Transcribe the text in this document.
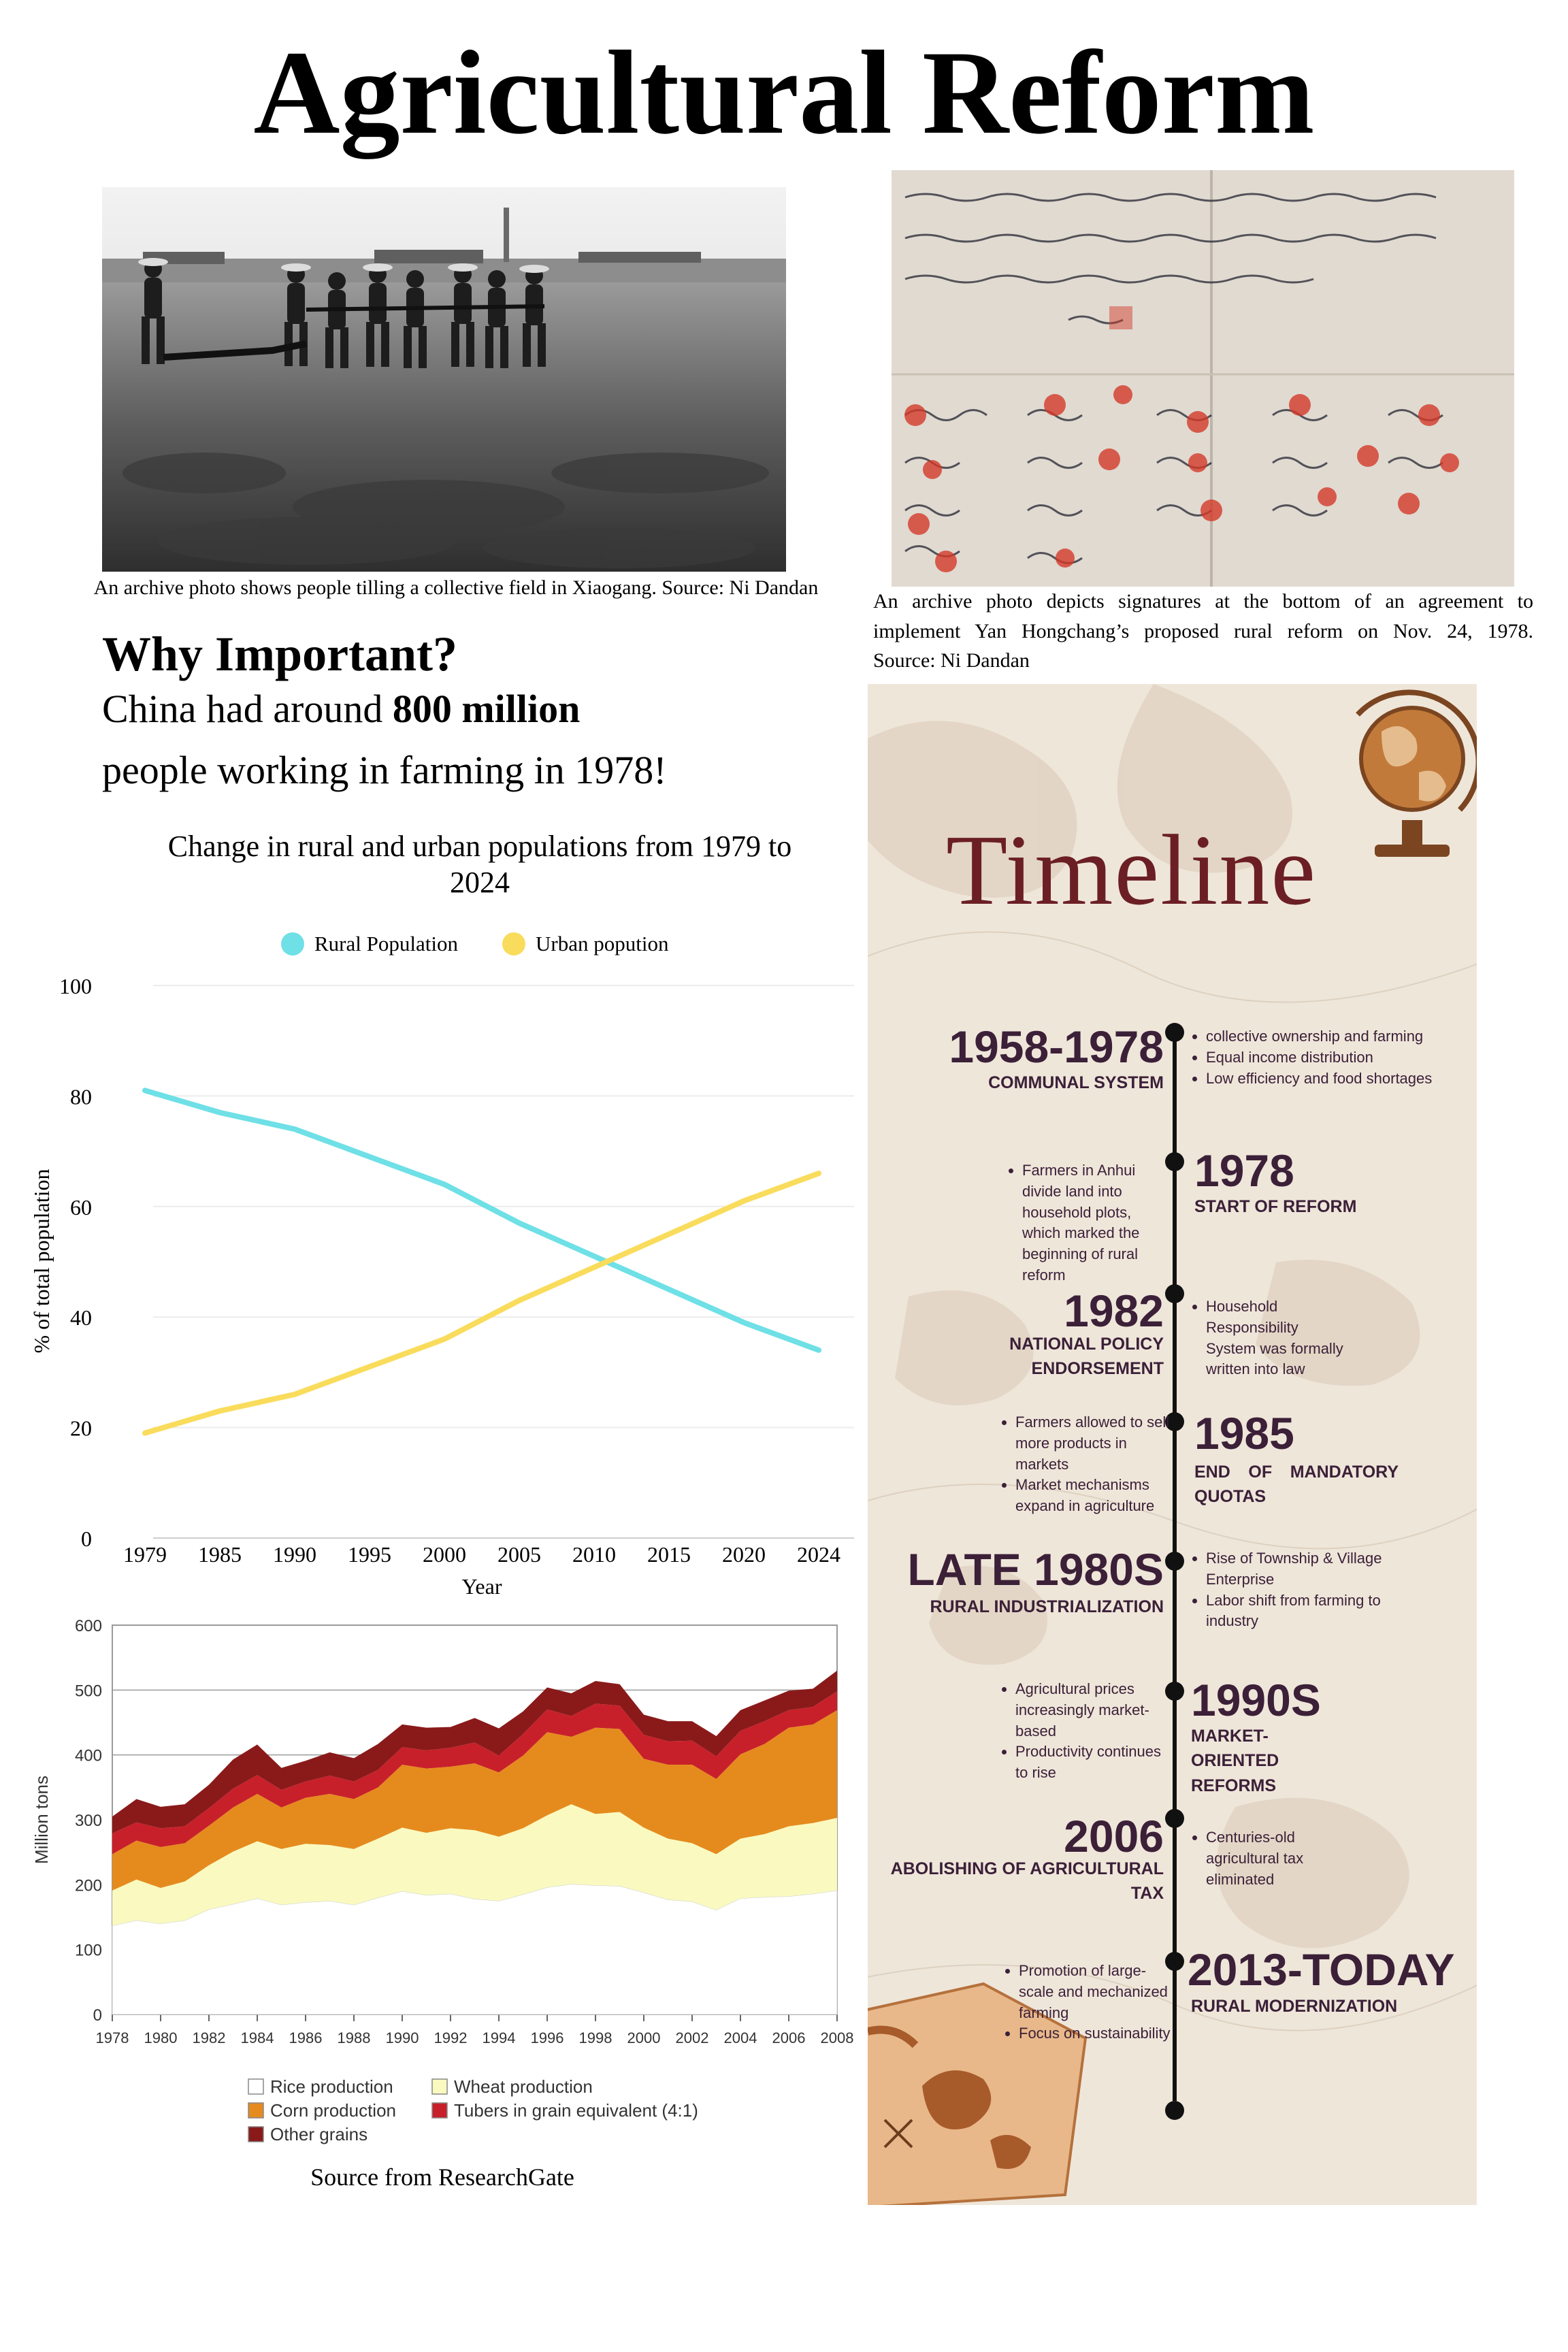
Agricultural Reform
An archive photo shows people tilling a collective field in Xiaogang. Source: Ni Dandan
An archive photo depicts signatures at the bottom of an agreement to
implement Yan Hongchang’s proposed rural reform on Nov. 24, 1978.
Source: Ni Dandan
Why Important?
China had around 800 million
people working in farming in 1978!
Change in rural and urban populations from 1979 to
2024
0
20
40
60
80
100
1979 1985 1990 1995 2000 2005 2010 2015 2020 2024
Year
% of total population
Rural Population	Urban popution
0
100
200
300
400
500
600
1978 1980 1982 1984 1986 1988 1990 1992 1994 1996 1998 2000 2002 2004 2006 2008
Million tons
Rice production	Wheat production
Corn production	Tubers in grain equivalent (4:1)
Other grains
Source from ResearchGate
Timeline
1958-1978
COMMUNAL SYSTEM
• collective ownership and farming
• Equal income distribution
• Low efficiency and food shortages
1978
START OF REFORM
• Farmers in Anhui divide land into household plots, which marked the beginning of rural reform
1982
NATIONAL POLICY ENDORSEMENT
• Household Responsibility System was formally written into law
1985
END OF MANDATORY QUOTAS
• Farmers allowed to sell more products in markets
• Market mechanisms expand in agriculture
LATE 1980S
RURAL INDUSTRIALIZATION
• Rise of Township & Village Enterprise
• Labor shift from farming to industry
1990S
MARKET-ORIENTED REFORMS
• Agricultural prices increasingly market-based
• Productivity continues to rise
2006
ABOLISHING OF AGRICULTURAL TAX
• Centuries-old agricultural tax eliminated
2013-TODAY
RURAL MODERNIZATION
• Promotion of large-scale and mechanized farming
• Focus on sustainability
